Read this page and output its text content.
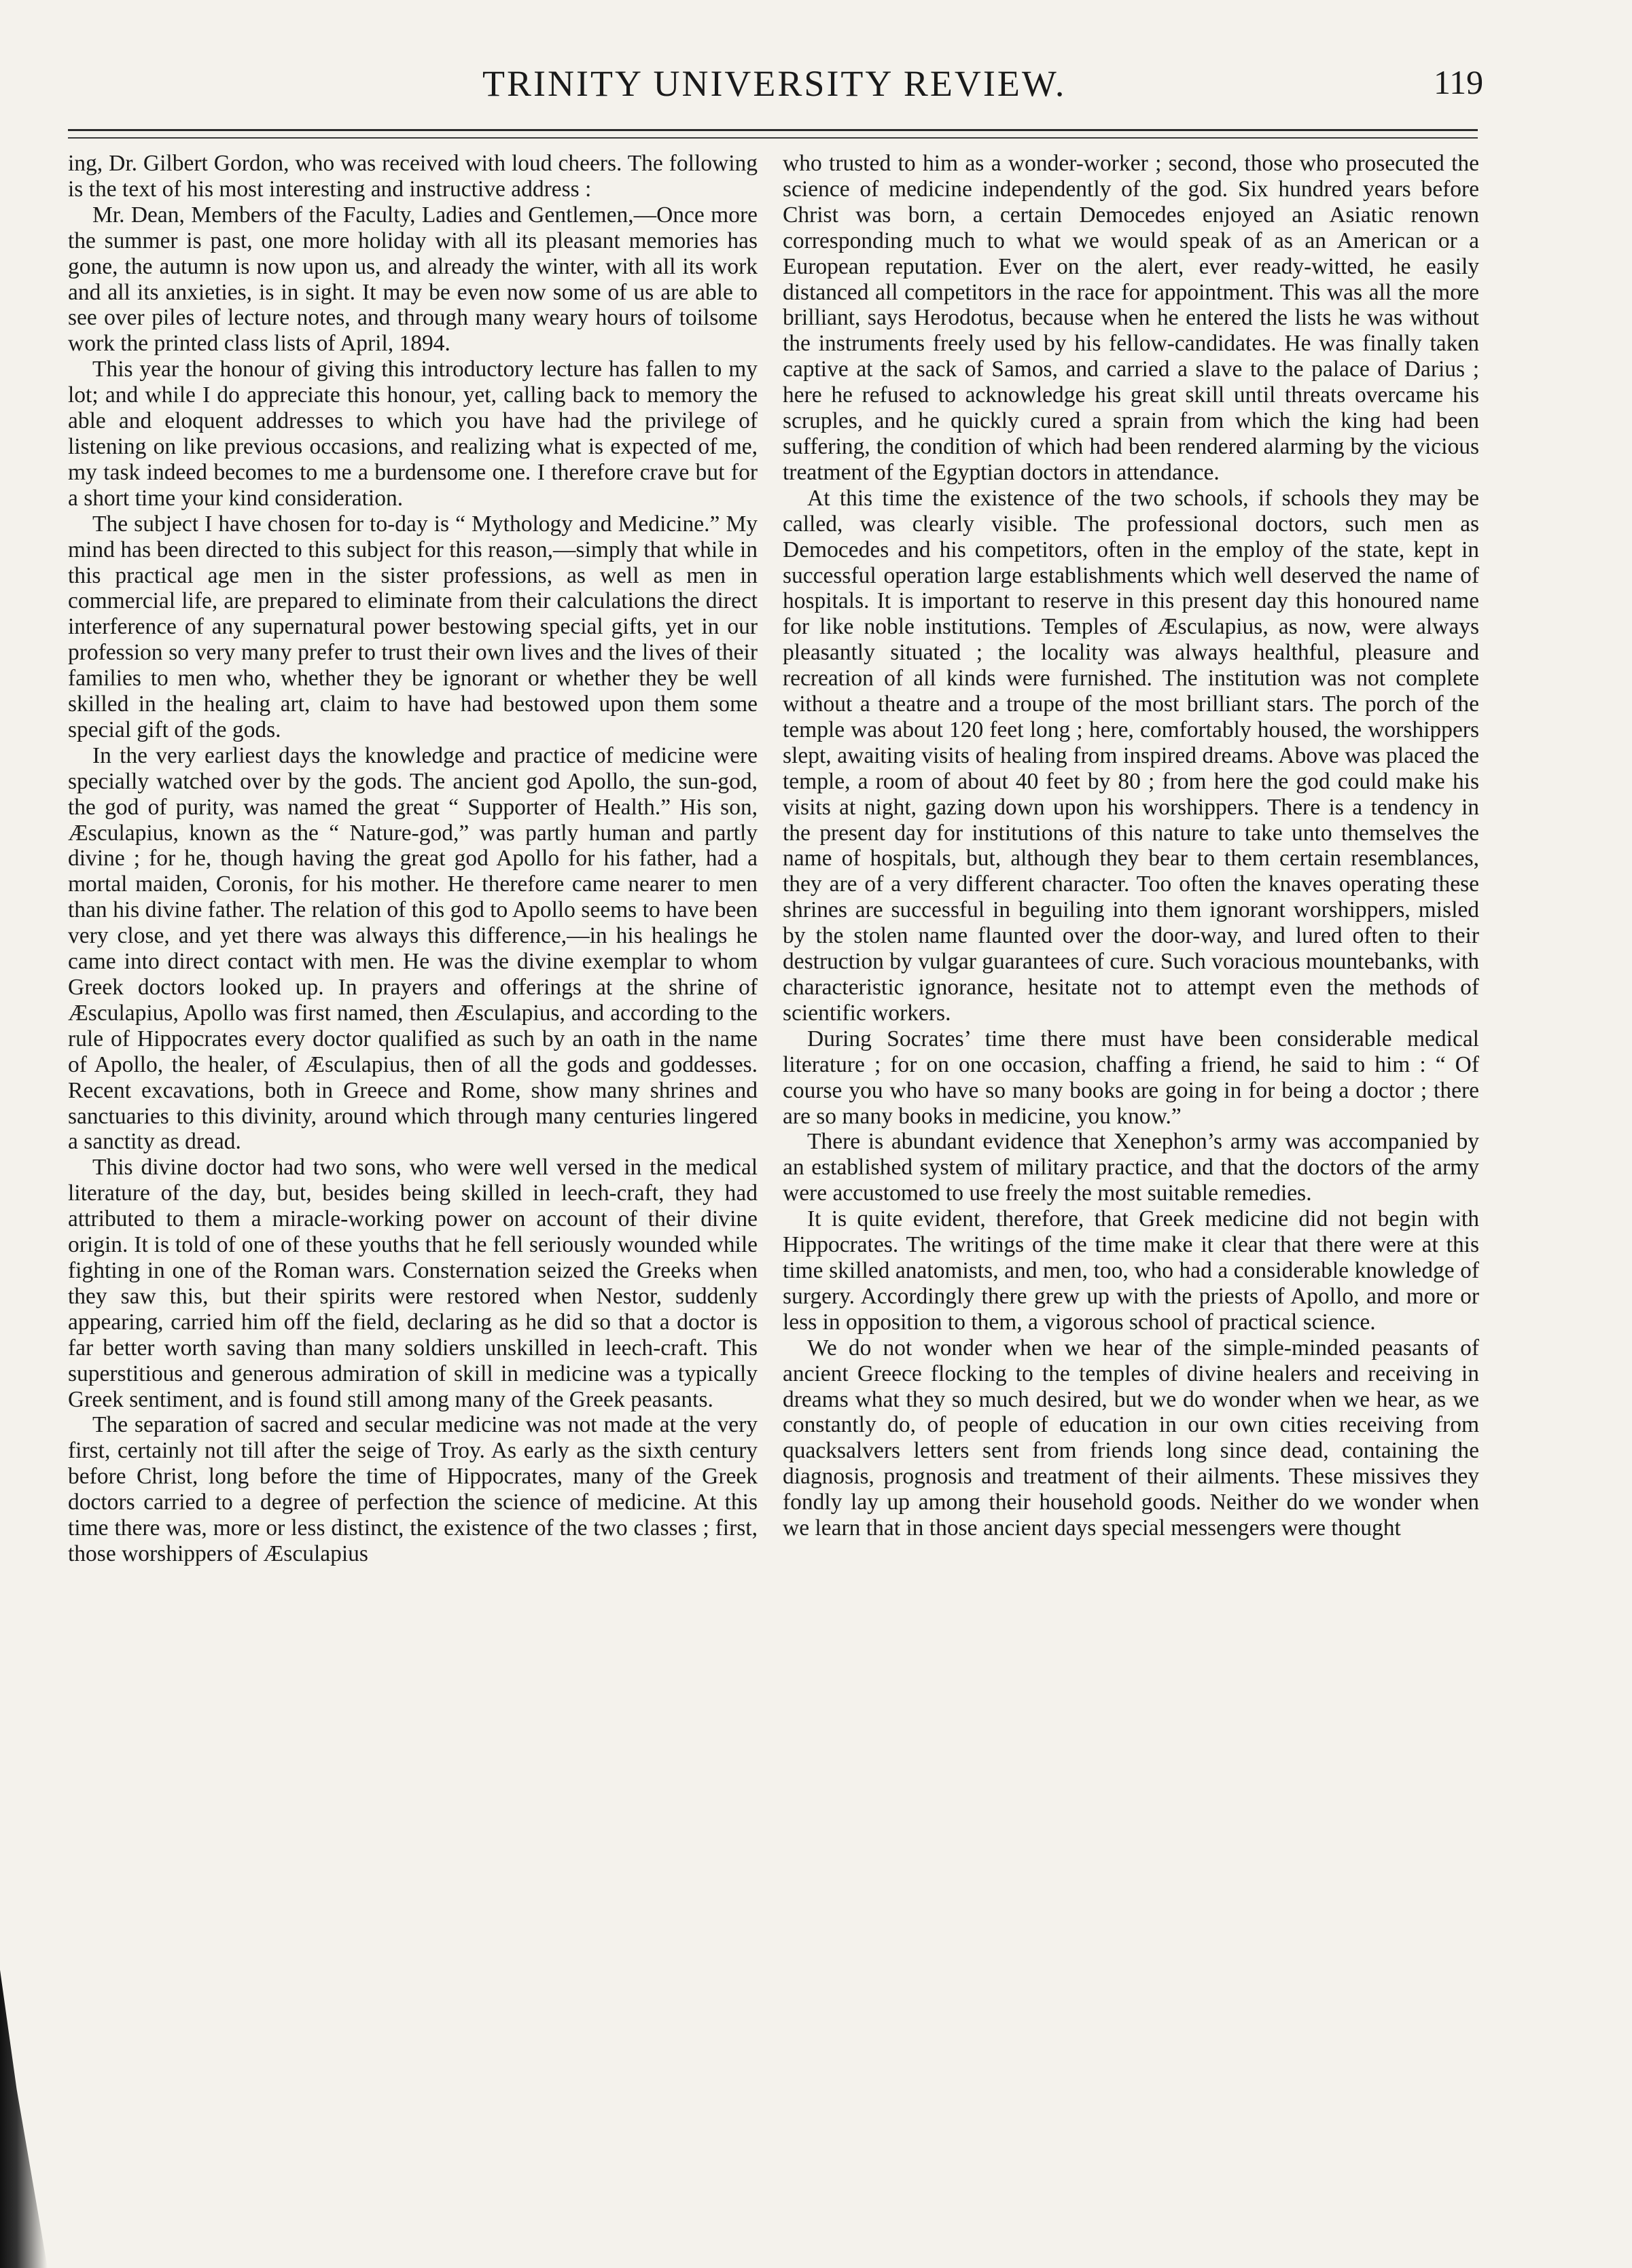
TRINITY UNIVERSITY REVIEW.	119

ing, Dr. Gilbert Gordon, who was received with loud cheers. The following is the text of his most interesting and instructive address :

Mr. Dean, Members of the Faculty, Ladies and Gentlemen,—Once more the summer is past, one more holiday with all its pleasant memories has gone, the autumn is now upon us, and already the winter, with all its work and all its anxieties, is in sight. It may be even now some of us are able to see over piles of lecture notes, and through many weary hours of toilsome work the printed class lists of April, 1894.

This year the honour of giving this introductory lecture has fallen to my lot; and while I do appreciate this honour, yet, calling back to memory the able and eloquent addresses to which you have had the privilege of listening on like previous occasions, and realizing what is expected of me, my task indeed becomes to me a burdensome one. I therefore crave but for a short time your kind consideration.

The subject I have chosen for to-day is “ Mythology and Medicine.” My mind has been directed to this subject for this reason,—simply that while in this practical age men in the sister professions, as well as men in commercial life, are prepared to eliminate from their calculations the direct interference of any supernatural power bestowing special gifts, yet in our profession so very many prefer to trust their own lives and the lives of their families to men who, whether they be ignorant or whether they be well skilled in the healing art, claim to have had bestowed upon them some special gift of the gods.

In the very earliest days the knowledge and practice of medicine were specially watched over by the gods. The ancient god Apollo, the sun-god, the god of purity, was named the great “ Supporter of Health.” His son, Æsculapius, known as the “ Nature-god,” was partly human and partly divine ; for he, though having the great god Apollo for his father, had a mortal maiden, Coronis, for his mother. He therefore came nearer to men than his divine father. The relation of this god to Apollo seems to have been very close, and yet there was always this difference,—in his healings he came into direct contact with men. He was the divine exemplar to whom Greek doctors looked up. In prayers and offerings at the shrine of Æsculapius, Apollo was first named, then Æsculapius, and according to the rule of Hippocrates every doctor qualified as such by an oath in the name of Apollo, the healer, of Æsculapius, then of all the gods and goddesses. Recent excavations, both in Greece and Rome, show many shrines and sanctuaries to this divinity, around which through many centuries lingered a sanctity as dread.

This divine doctor had two sons, who were well versed in the medical literature of the day, but, besides being skilled in leech-craft, they had attributed to them a miracle-working power on account of their divine origin. It is told of one of these youths that he fell seriously wounded while fighting in one of the Roman wars. Consternation seized the Greeks when they saw this, but their spirits were restored when Nestor, suddenly appearing, carried him off the field, declaring as he did so that a doctor is far better worth saving than many soldiers unskilled in leech-craft. This superstitious and generous admiration of skill in medicine was a typically Greek sentiment, and is found still among many of the Greek peasants.

The separation of sacred and secular medicine was not made at the very first, certainly not till after the seige of Troy. As early as the sixth century before Christ, long before the time of Hippocrates, many of the Greek doctors carried to a degree of perfection the science of medicine. At this time there was, more or less distinct, the existence of the two classes ; first, those worshippers of Æsculapius

who trusted to him as a wonder-worker ; second, those who prosecuted the science of medicine independently of the god. Six hundred years before Christ was born, a certain Democedes enjoyed an Asiatic renown corresponding much to what we would speak of as an American or a European reputation. Ever on the alert, ever ready-witted, he easily distanced all competitors in the race for appointment. This was all the more brilliant, says Herodotus, because when he entered the lists he was without the instruments freely used by his fellow-candidates. He was finally taken captive at the sack of Samos, and carried a slave to the palace of Darius ; here he refused to acknowledge his great skill until threats overcame his scruples, and he quickly cured a sprain from which the king had been suffering, the condition of which had been rendered alarming by the vicious treatment of the Egyptian doctors in attendance.

At this time the existence of the two schools, if schools they may be called, was clearly visible. The professional doctors, such men as Democedes and his competitors, often in the employ of the state, kept in successful operation large establishments which well deserved the name of hospitals. It is important to reserve in this present day this honoured name for like noble institutions. Temples of Æsculapius, as now, were always pleasantly situated ; the locality was always healthful, pleasure and recreation of all kinds were furnished. The institution was not complete without a theatre and a troupe of the most brilliant stars. The porch of the temple was about 120 feet long ; here, comfortably housed, the worshippers slept, awaiting visits of healing from inspired dreams. Above was placed the temple, a room of about 40 feet by 80 ; from here the god could make his visits at night, gazing down upon his worshippers. There is a tendency in the present day for institutions of this nature to take unto themselves the name of hospitals, but, although they bear to them certain resemblances, they are of a very different character. Too often the knaves operating these shrines are successful in beguiling into them ignorant worshippers, misled by the stolen name flaunted over the door-way, and lured often to their destruction by vulgar guarantees of cure. Such voracious mountebanks, with characteristic ignorance, hesitate not to attempt even the methods of scientific workers.

During Socrates’ time there must have been considerable medical literature ; for on one occasion, chaffing a friend, he said to him : “ Of course you who have so many books are going in for being a doctor ; there are so many books in medicine, you know.”

There is abundant evidence that Xenephon’s army was accompanied by an established system of military practice, and that the doctors of the army were accustomed to use freely the most suitable remedies.

It is quite evident, therefore, that Greek medicine did not begin with Hippocrates. The writings of the time make it clear that there were at this time skilled anatomists, and men, too, who had a considerable knowledge of surgery. Accordingly there grew up with the priests of Apollo, and more or less in opposition to them, a vigorous school of practical science.

We do not wonder when we hear of the simple-minded peasants of ancient Greece flocking to the temples of divine healers and receiving in dreams what they so much desired, but we do wonder when we hear, as we constantly do, of people of education in our own cities receiving from quacksalvers letters sent from friends long since dead, containing the diagnosis, prognosis and treatment of their ailments. These missives they fondly lay up among their household goods. Neither do we wonder when we learn that in those ancient days special messengers were thought
